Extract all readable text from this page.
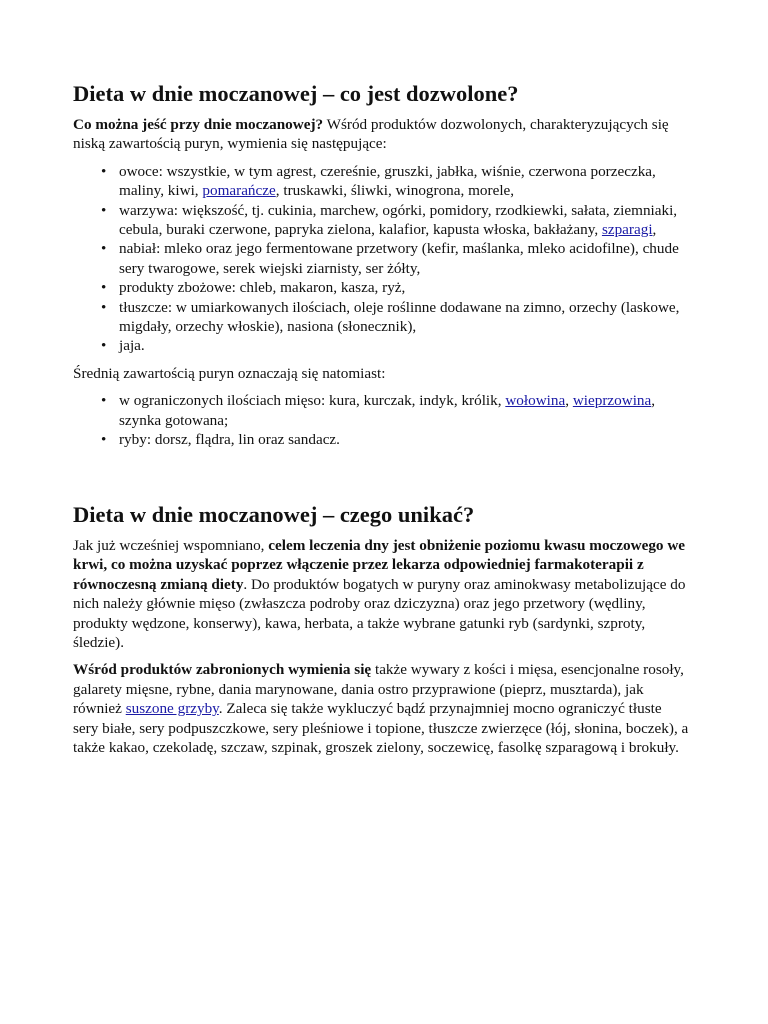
Dieta w dnie moczanowej – co jest dozwolone?

Co można jeść przy dnie moczanowej? Wśród produktów dozwolonych, charakteryzujących się niską zawartością puryn, wymienia się następujące:

• owoce: wszystkie, w tym agrest, czereśnie, gruszki, jabłka, wiśnie, czerwona porzeczka, maliny, kiwi, pomarańcze, truskawki, śliwki, winogrona, morele,
• warzywa: większość, tj. cukinia, marchew, ogórki, pomidory, rzodkiewki, sałata, ziemniaki, cebula, buraki czerwone, papryka zielona, kalafior, kapusta włoska, bakłażany, szparagi,
• nabiał: mleko oraz jego fermentowane przetwory (kefir, maślanka, mleko acidofilne), chude sery twarogowe, serek wiejski ziarnisty, ser żółty,
• produkty zbożowe: chleb, makaron, kasza, ryż,
• tłuszcze: w umiarkowanych ilościach, oleje roślinne dodawane na zimno, orzechy (laskowe, migdały, orzechy włoskie), nasiona (słonecznik),
• jaja.

Średnią zawartością puryn oznaczają się natomiast:

• w ograniczonych ilościach mięso: kura, kurczak, indyk, królik, wołowina, wieprzowina, szynka gotowana;
• ryby: dorsz, flądra, lin oraz sandacz.
Dieta w dnie moczanowej – czego unikać?

Jak już wcześniej wspomniano, celem leczenia dny jest obniżenie poziomu kwasu moczowego we krwi, co można uzyskać poprzez włączenie przez lekarza odpowiedniej farmakoterapii z równoczesną zmianą diety. Do produktów bogatych w puryny oraz aminokwasy metabolizujące do nich należy głównie mięso (zwłaszcza podroby oraz dziczyzna) oraz jego przetwory (wędliny, produkty wędzone, konserwy), kawa, herbata, a także wybrane gatunki ryb (sardynki, szproty, śledzie).

Wśród produktów zabronionych wymienia się także wywary z kości i mięsa, esencjonalne rosoły, galarety mięsne, rybne, dania marynowane, dania ostro przyprawione (pieprz, musztarda), jak również suszone grzyby. Zaleca się także wykluczyć bądź przynajmniej mocno ograniczyć tłuste sery białe, sery podpuszczkowe, sery pleśniowe i topione, tłuszcze zwierzęce (łój, słonina, boczek), a także kakao, czekoladę, szczaw, szpinak, groszek zielony, soczewicę, fasolkę szparagową i brokuły.
